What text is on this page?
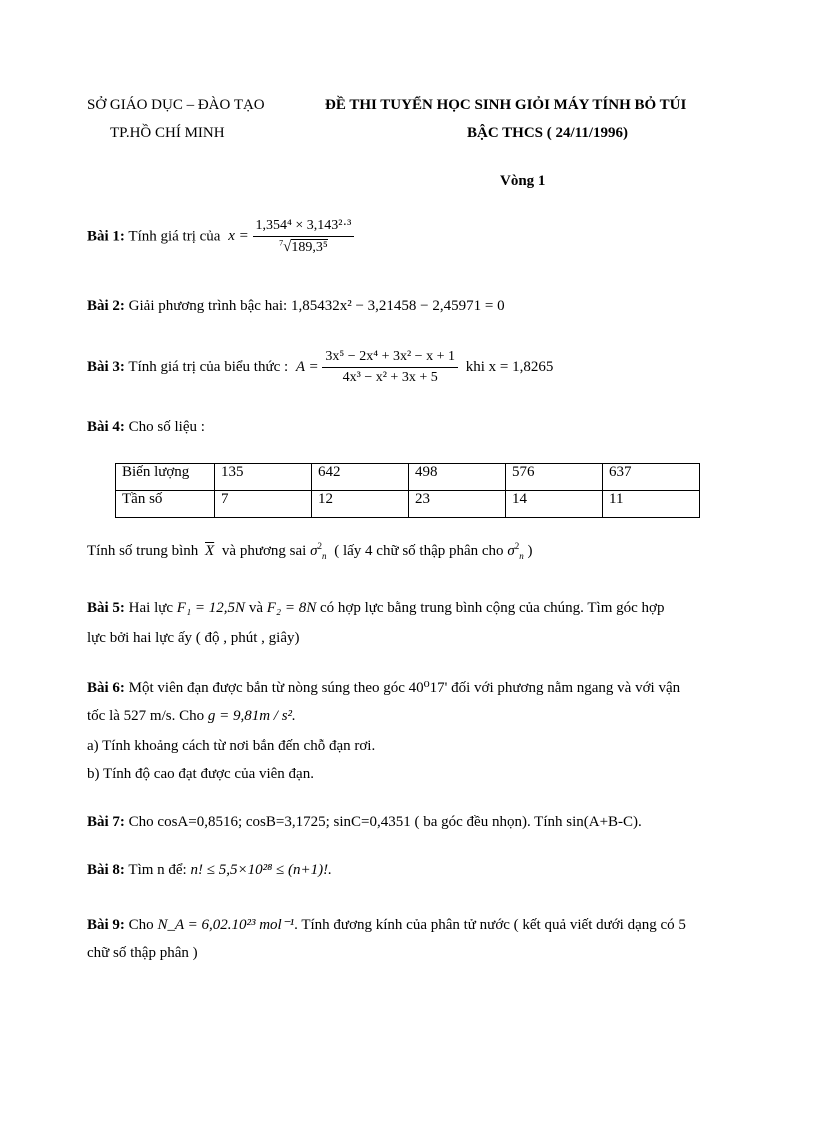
SỞ GIÁO DỤC – ĐÀO TẠO
TP.HỒ CHÍ MINH
ĐỀ THI TUYỂN HỌC SINH GIỎI MÁY TÍNH BỎ TÚI
BẬC THCS ( 24/11/1996)
Vòng 1
Bài 1: Tính giá trị của $x = \frac{\text{1,354⁴ × 3,143²·³}}{^7√189,3^5}$
Bài 2: Giải phương trình bậc hai: 1,85432x² − 3,21458 − 2,45971 = 0
Bài 3: Tính giá trị của biểu thức : $A = \frac{\text{3x⁵ − 2x⁴ + 3x² − x + 1}}{\text{4x³ − x² + 3x + 5}}$ khi x = 1,8265
Bài 4: Cho số liệu :
Biến lượng	135	642	498	576	637
Tần số	7	12	23	14	11
Tính số trung bình $\overline{X}$ và phương sai $\sigma^2_n$ ( lấy 4 chữ số thập phân cho $\sigma^2_n$ )
Bài 5: Hai lực F₁ = 12,5N và F₂ = 8N có hợp lực bằng trung bình cộng của chúng. Tìm góc hợp
lực bởi hai lực ấy ( độ , phút , giây)
Bài 6: Một viên đạn được bắn từ nòng súng theo góc 40⁰17' đối với phương nằm ngang và với vận
tốc là 527 m/s. Cho g = 9,81m / s².
a) Tính khoảng cách từ nơi bắn đến chỗ đạn rơi.
b) Tính độ cao đạt được của viên đạn.
Bài 7: Cho cosA=0,8516; cosB=3,1725; sinC=0,4351 ( ba góc đều nhọn). Tính sin(A+B-C).
Bài 8: Tìm n để: n! ≤ 5,5×10²⁸ ≤ (n+1)!.
Bài 9: Cho N_A = 6,02.10²³ mol⁻¹. Tính đương kính của phân tử nước ( kết quả viết dưới dạng có 5
chữ số thập phân )
